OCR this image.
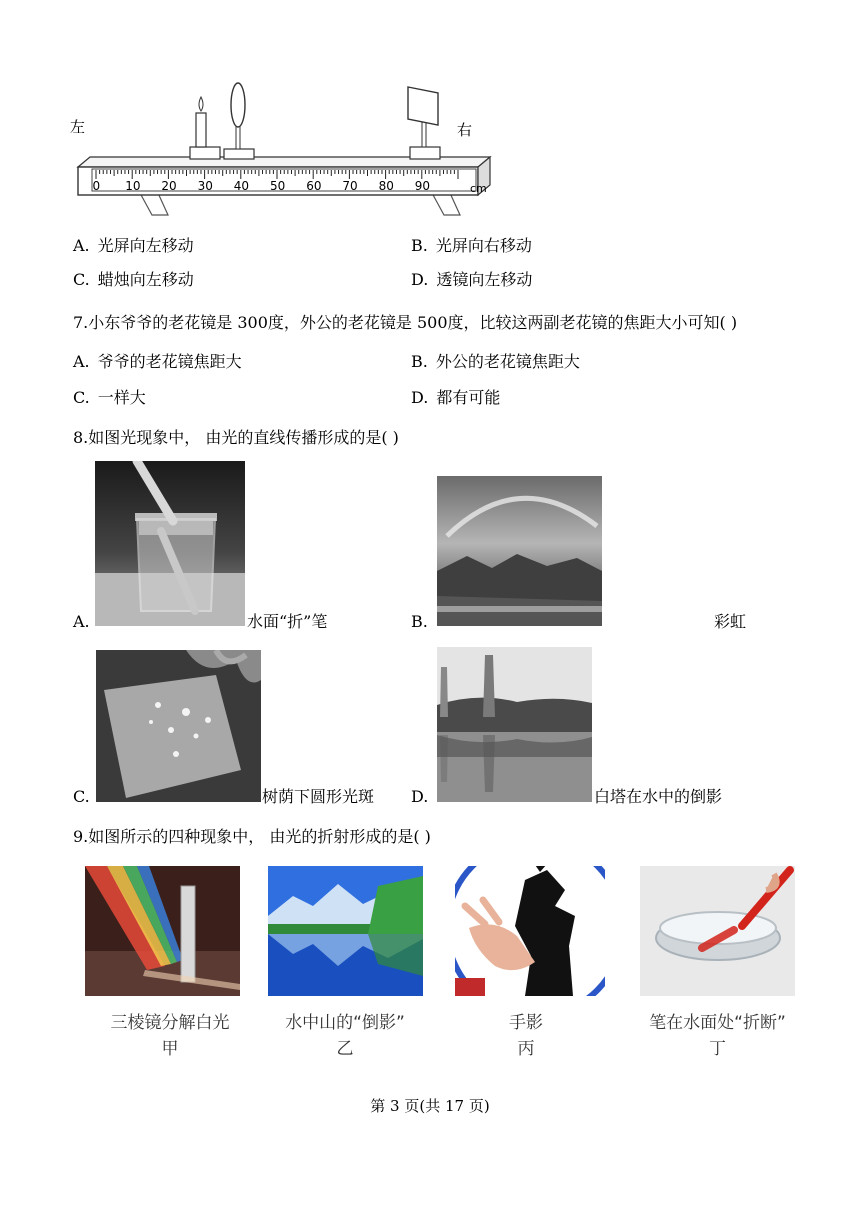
左	右
0 10 20 30 40 50 60 70 80 90	cm
A. 光屏向左移动	B. 光屏向右移动
C. 蜡烛向左移动	D. 透镜向左移动
7.小东爷爷的老花镜是 300度，外公的老花镜是 500度，比较这两副老花镜的焦距大小可知( )
A. 爷爷的老花镜焦距大	B. 外公的老花镜焦距大
C. 一样大	D. 都有可能
8.如图光现象中， 由光的直线传播形成的是( )
A.	水面“折”笔	B.	彩虹
C.	树荫下圆形光斑 D.	白塔在水中的倒影
9.如图所示的四种现象中， 由光的折射形成的是( )
三棱镜分解白光
甲
水中山的“倒影”
乙
手影
丙
笔在水面处“折断”
丁
第 3 页(共 17 页)
